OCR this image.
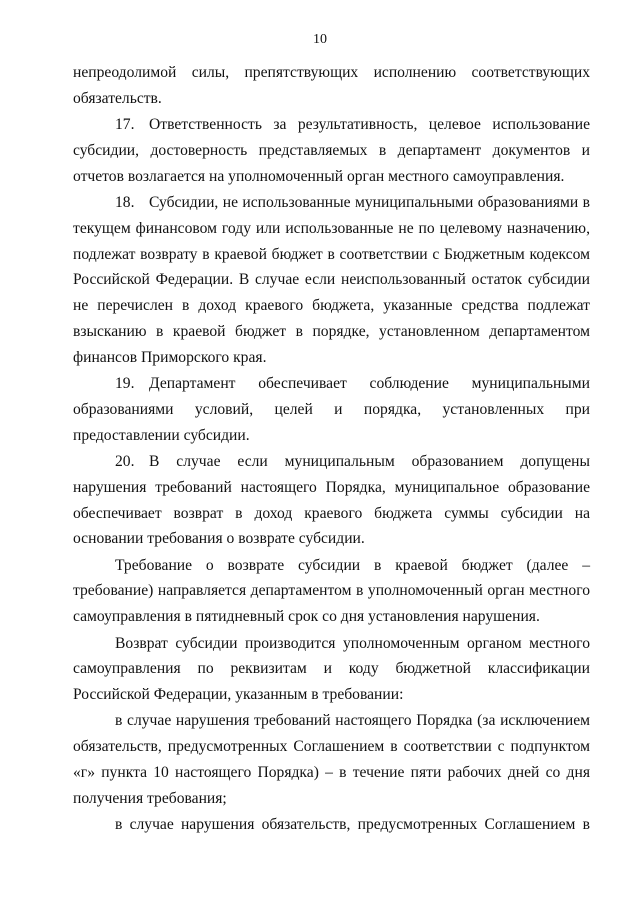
10

непреодолимой силы, препятствующих исполнению соответствующих обязательств.

17. Ответственность за результативность, целевое использование субсидии, достоверность представляемых в департамент документов и отчетов возлагается на уполномоченный орган местного самоуправления.

18. Субсидии, не использованные муниципальными образованиями в текущем финансовом году или использованные не по целевому назначению, подлежат возврату в краевой бюджет в соответствии с Бюджетным кодексом Российской Федерации. В случае если неиспользованный остаток субсидии не перечислен в доход краевого бюджета, указанные средства подлежат взысканию в краевой бюджет в порядке, установленном департаментом финансов Приморского края.

19. Департамент обеспечивает соблюдение муниципальными образованиями условий, целей и порядка, установленных при предоставлении субсидии.

20. В случае если муниципальным образованием допущены нарушения требований настоящего Порядка, муниципальное образование обеспечивает возврат в доход краевого бюджета суммы субсидии на основании требования о возврате субсидии.

Требование о возврате субсидии в краевой бюджет (далее – требование) направляется департаментом в уполномоченный орган местного самоуправления в пятидневный срок со дня установления нарушения.

Возврат субсидии производится уполномоченным органом местного самоуправления по реквизитам и коду бюджетной классификации Российской Федерации, указанным в требовании:

в случае нарушения требований настоящего Порядка (за исключением обязательств, предусмотренных Соглашением в соответствии с подпунктом «г» пункта 10 настоящего Порядка) – в течение пяти рабочих дней со дня получения требования;

в случае нарушения обязательств, предусмотренных Соглашением в
